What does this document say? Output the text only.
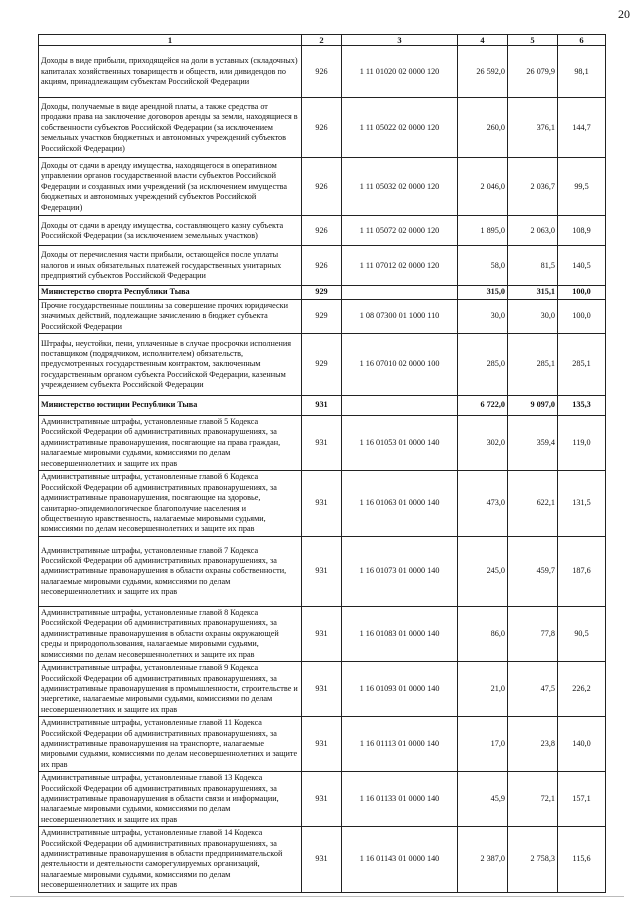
20
1	2	3	4	5	6
Доходы в виде прибыли, приходящейся на доли в уставных (складочных) капиталах хозяйственных товариществ и обществ, или дивидендов по акциям, принадлежащим субъектам Российской Федерации	926	1 11 01020 02 0000 120	26 592,0	26 079,9	98,1
Доходы, получаемые в виде арендной платы, а также средства от продажи права на заключение договоров аренды за земли, находящиеся в собственности субъектов Российской Федерации (за исключением земельных участков бюджетных и автономных учреждений субъектов Российской Федерации)	926	1 11 05022 02 0000 120	260,0	376,1	144,7
Доходы от сдачи в аренду имущества, находящегося в оперативном управлении органов государственной власти субъектов Российской Федерации и созданных ими учреждений (за исключением имущества бюджетных и автономных учреждений субъектов Российской Федерации)	926	1 11 05032 02 0000 120	2 046,0	2 036,7	99,5
Доходы от сдачи в аренду имущества, составляющего казну субъекта Российской Федерации (за исключением земельных участков)	926	1 11 05072 02 0000 120	1 895,0	2 063,0	108,9
Доходы от перечисления части прибыли, остающейся после уплаты налогов и иных обязательных платежей государственных унитарных предприятий субъектов Российской Федерации	926	1 11 07012 02 0000 120	58,0	81,5	140,5
Министерство спорта Республики Тыва	929		315,0	315,1	100,0
Прочие государственные пошлины за совершение прочих юридически значимых действий, подлежащие зачислению в бюджет субъекта Российской Федерации	929	1 08 07300 01 1000 110	30,0	30,0	100,0
Штрафы, неустойки, пени, уплаченные в случае просрочки исполнения поставщиком (подрядчиком, исполнителем) обязательств, предусмотренных государственным контрактом, заключенным государственным органом субъекта Российской Федерации, казенным учреждением субъекта Российской Федерации	929	1 16 07010 02 0000 100	285,0	285,1	285,1
Министерство юстиции Республики Тыва	931		6 722,0	9 097,0	135,3
Административные штрафы, установленные главой 5 Кодекса Российской Федерации об административных правонарушениях, за административные правонарушения, посягающие на права граждан, налагаемые мировыми судьями, комиссиями по делам несовершеннолетних и защите их прав	931	1 16 01053 01 0000 140	302,0	359,4	119,0
Административные штрафы, установленные главой 6 Кодекса Российской Федерации об административных правонарушениях, за административные правонарушения, посягающие на здоровье, санитарно-эпидемиологическое благополучие населения и общественную нравственность, налагаемые мировыми судьями, комиссиями по делам несовершеннолетних и защите их прав	931	1 16 01063 01 0000 140	473,0	622,1	131,5
Административные штрафы, установленные главой 7 Кодекса Российской Федерации об административных правонарушениях, за административные правонарушения в области охраны собственности, налагаемые мировыми судьями, комиссиями по делам несовершеннолетних и защите их прав	931	1 16 01073 01 0000 140	245,0	459,7	187,6
Административные штрафы, установленные главой 8 Кодекса Российской Федерации об административных правонарушениях, за административные правонарушения в области охраны окружающей среды и природопользования, налагаемые мировыми судьями, комиссиями по делам несовершеннолетних и защите их прав	931	1 16 01083 01 0000 140	86,0	77,8	90,5
Административные штрафы, установленные главой 9 Кодекса Российской Федерации об административных правонарушениях, за административные правонарушения в промышленности, строительстве и энергетике, налагаемые мировыми судьями, комиссиями по делам несовершеннолетних и защите их прав	931	1 16 01093 01 0000 140	21,0	47,5	226,2
Административные штрафы, установленные главой 11 Кодекса Российской Федерации об административных правонарушениях, за административные правонарушения на транспорте, налагаемые мировыми судьями, комиссиями по делам несовершеннолетних и защите их прав	931	1 16 01113 01 0000 140	17,0	23,8	140,0
Административные штрафы, установленные главой 13 Кодекса Российской Федерации об административных правонарушениях, за административные правонарушения в области связи и информации, налагаемые мировыми судьями, комиссиями по делам несовершеннолетних и защите их прав	931	1 16 01133 01 0000 140	45,9	72,1	157,1
Административные штрафы, установленные главой 14 Кодекса Российской Федерации об административных правонарушениях, за административные правонарушения в области предпринимательской деятельности и деятельности саморегулируемых организаций, налагаемые мировыми судьями, комиссиями по делам несовершеннолетних и защите их прав	931	1 16 01143 01 0000 140	2 387,0	2 758,3	115,6
